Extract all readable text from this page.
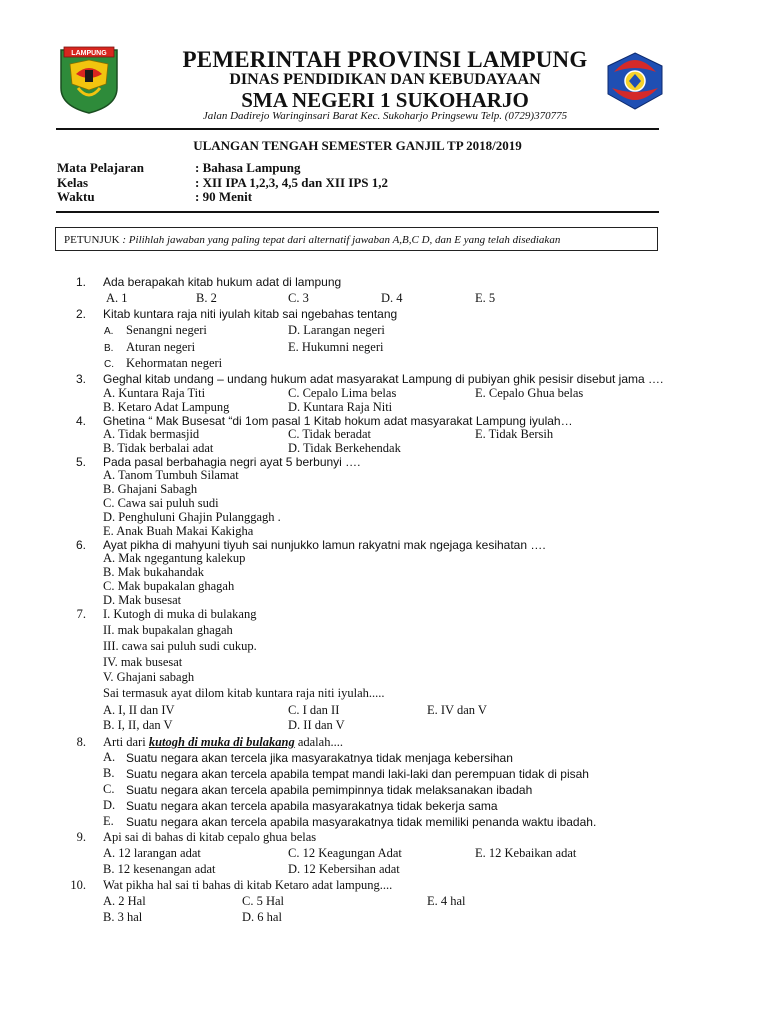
LAMPUNG	PEMERINTAH PROVINSI LAMPUNG
DINAS PENDIDIKAN DAN KEBUDAYAAN
SMA NEGERI 1 SUKOHARJO
Jalan Dadirejo Waringinsari Barat Kec. Sukoharjo Pringsewu Telp. (0729)370775
ULANGAN TENGAH SEMESTER GANJIL TP 2018/2019
Mata Pelajaran	: Bahasa Lampung
Kelas	: XII IPA 1,2,3, 4,5 dan XII IPS 1,2
Waktu	: 90 Menit
PETUNJUK : Pilihlah jawaban yang paling tepat dari alternatif jawaban A,B,C D, dan E yang telah disediakan
1. Ada berapakah kitab hukum adat di lampung
A. 1	B. 2	C. 3	D. 4	E. 5
2. Kitab kuntara raja niti iyulah kitab sai ngebahas tentang
A. Senangni negeri	D. Larangan negeri
B. Aturan negeri	E. Hukumni negeri
C. Kehormatan negeri
3. Geghal kitab undang – undang hukum adat masyarakat Lampung di pubiyan ghik pesisir disebut jama ….
A. Kuntara Raja Titi	C. Cepalo Lima belas	E. Cepalo Ghua belas
B. Ketaro Adat Lampung	D. Kuntara Raja Niti
4. Ghetina “ Mak Busesat “di 1om pasal 1 Kitab hokum adat masyarakat Lampung iyulah…
A. Tidak bermasjid	C. Tidak beradat	E. Tidak Bersih
B. Tidak berbalai adat	D. Tidak Berkehendak
5. Pada pasal berbahagia negri ayat 5 berbunyi ….
A. Tanom Tumbuh Silamat
B. Ghajani Sabagh
C. Cawa sai puluh sudi
D. Penghuluni Ghajin Pulanggagh .
E. Anak Buah Makai Kakigha
6. Ayat pikha di mahyuni tiyuh sai nunjukko lamun rakyatni mak ngejaga kesihatan ….
A. Mak ngegantung kalekup
B. Mak bukahandak
C. Mak bupakalan ghagah
D. Mak busesat
7. I. Kutogh di muka di bulakang
II. mak bupakalan ghagah
III. cawa sai puluh sudi cukup.
IV. mak busesat
V. Ghajani sabagh
Sai termasuk ayat dilom kitab kuntara raja niti iyulah.....
A. I, II dan IV	C. I dan II	E. IV dan V
B. I, II, dan V	D. II dan V
8. Arti dari kutogh di muka di bulakang adalah....
A. Suatu negara akan tercela jika masyarakatnya tidak menjaga kebersihan
B. Suatu negara akan tercela apabila tempat mandi laki-laki dan perempuan tidak di pisah
C. Suatu negara akan tercela apabila pemimpinnya tidak melaksanakan ibadah
D. Suatu negara akan tercela apabila masyarakatnya tidak bekerja sama
E. Suatu negara akan tercela apabila masyarakatnya tidak memiliki penanda waktu ibadah.
9. Api sai di bahas di kitab cepalo ghua belas
A. 12 larangan adat	C. 12 Keagungan Adat	E. 12 Kebaikan adat
B. 12 kesenangan adat	D. 12 Kebersihan adat
10. Wat pikha hal sai ti bahas di kitab Ketaro adat lampung....
A. 2 Hal	C. 5 Hal	E. 4 hal
B. 3 hal	D. 6 hal
